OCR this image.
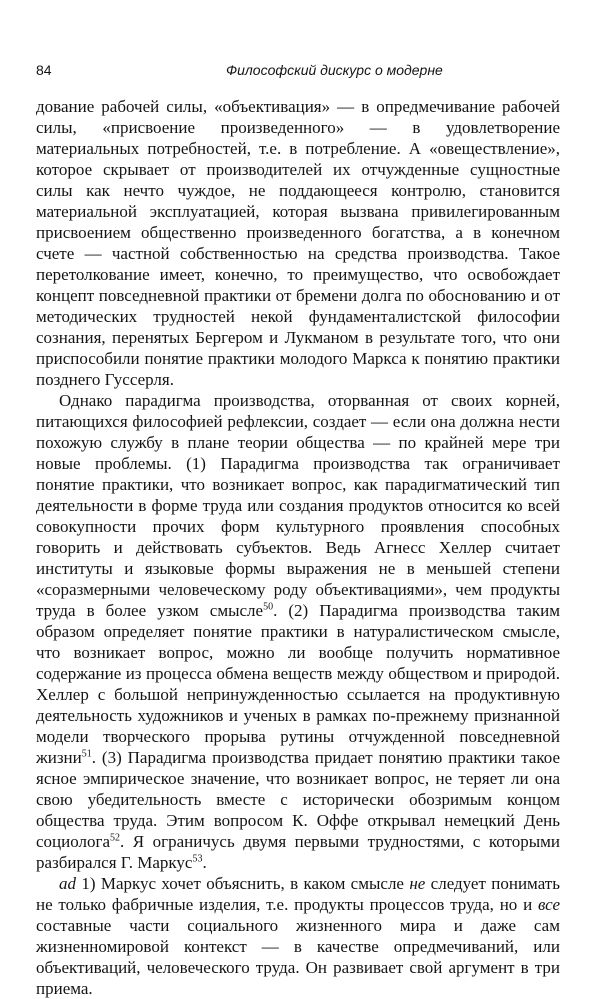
84	Философский дискурс о модерне

дование рабочей силы, «объективация» — в опредмечивание рабочей силы, «присвоение произведенного» — в удовлетворение материальных потребностей, т.е. в потребление. А «овеществление», которое скрывает от производителей их отчужденные сущностные силы как нечто чуждое, не поддающееся контролю, становится материальной эксплуатацией, которая вызвана привилегированным присвоением общественно произведенного богатства, а в конечном счете — частной собственностью на средства производства. Такое перетолкование имеет, конечно, то преимущество, что освобождает концепт повседневной практики от бремени долга по обоснованию и от методических трудностей некой фундаменталистской философии сознания, перенятых Бергером и Лукманом в результате того, что они приспособили понятие практики молодого Маркса к понятию практики позднего Гуссерля.

Однако парадигма производства, оторванная от своих корней, питающихся философией рефлексии, создает — если она должна нести похожую службу в плане теории общества — по крайней мере три новые проблемы. (1) Парадигма производства так ограничивает понятие практики, что возникает вопрос, как парадигматический тип деятельности в форме труда или создания продуктов относится ко всей совокупности прочих форм культурного проявления способных говорить и действовать субъектов. Ведь Агнесс Хеллер считает институты и языковые формы выражения не в меньшей степени «соразмерными человеческому роду объективациями», чем продукты труда в более узком смысле$^{50}$. (2) Парадигма производства таким образом определяет понятие практики в натуралистическом смысле, что возникает вопрос, можно ли вообще получить нормативное содержание из процесса обмена веществ между обществом и природой. Хеллер с большой непринужденностью ссылается на продуктивную деятельность художников и ученых в рамках по-прежнему признанной модели творческого прорыва рутины отчужденной повседневной жизни$^{51}$. (3) Парадигма производства придает понятию практики такое ясное эмпирическое значение, что возникает вопрос, не теряет ли она свою убедительность вместе с исторически обозримым концом общества труда. Этим вопросом К. Оффе открывал немецкий День социолога$^{52}$. Я ограничусь двумя первыми трудностями, с которыми разбирался Г. Маркус$^{53}$.

ad 1) Маркус хочет объяснить, в каком смысле не следует понимать не только фабричные изделия, т.е. продукты процессов труда, но и все составные части социального жизненного мира и даже сам жизненномировой контекст — в качестве опредмечиваний, или объективаций, человеческого труда. Он развивает свой аргумент в три приема.
